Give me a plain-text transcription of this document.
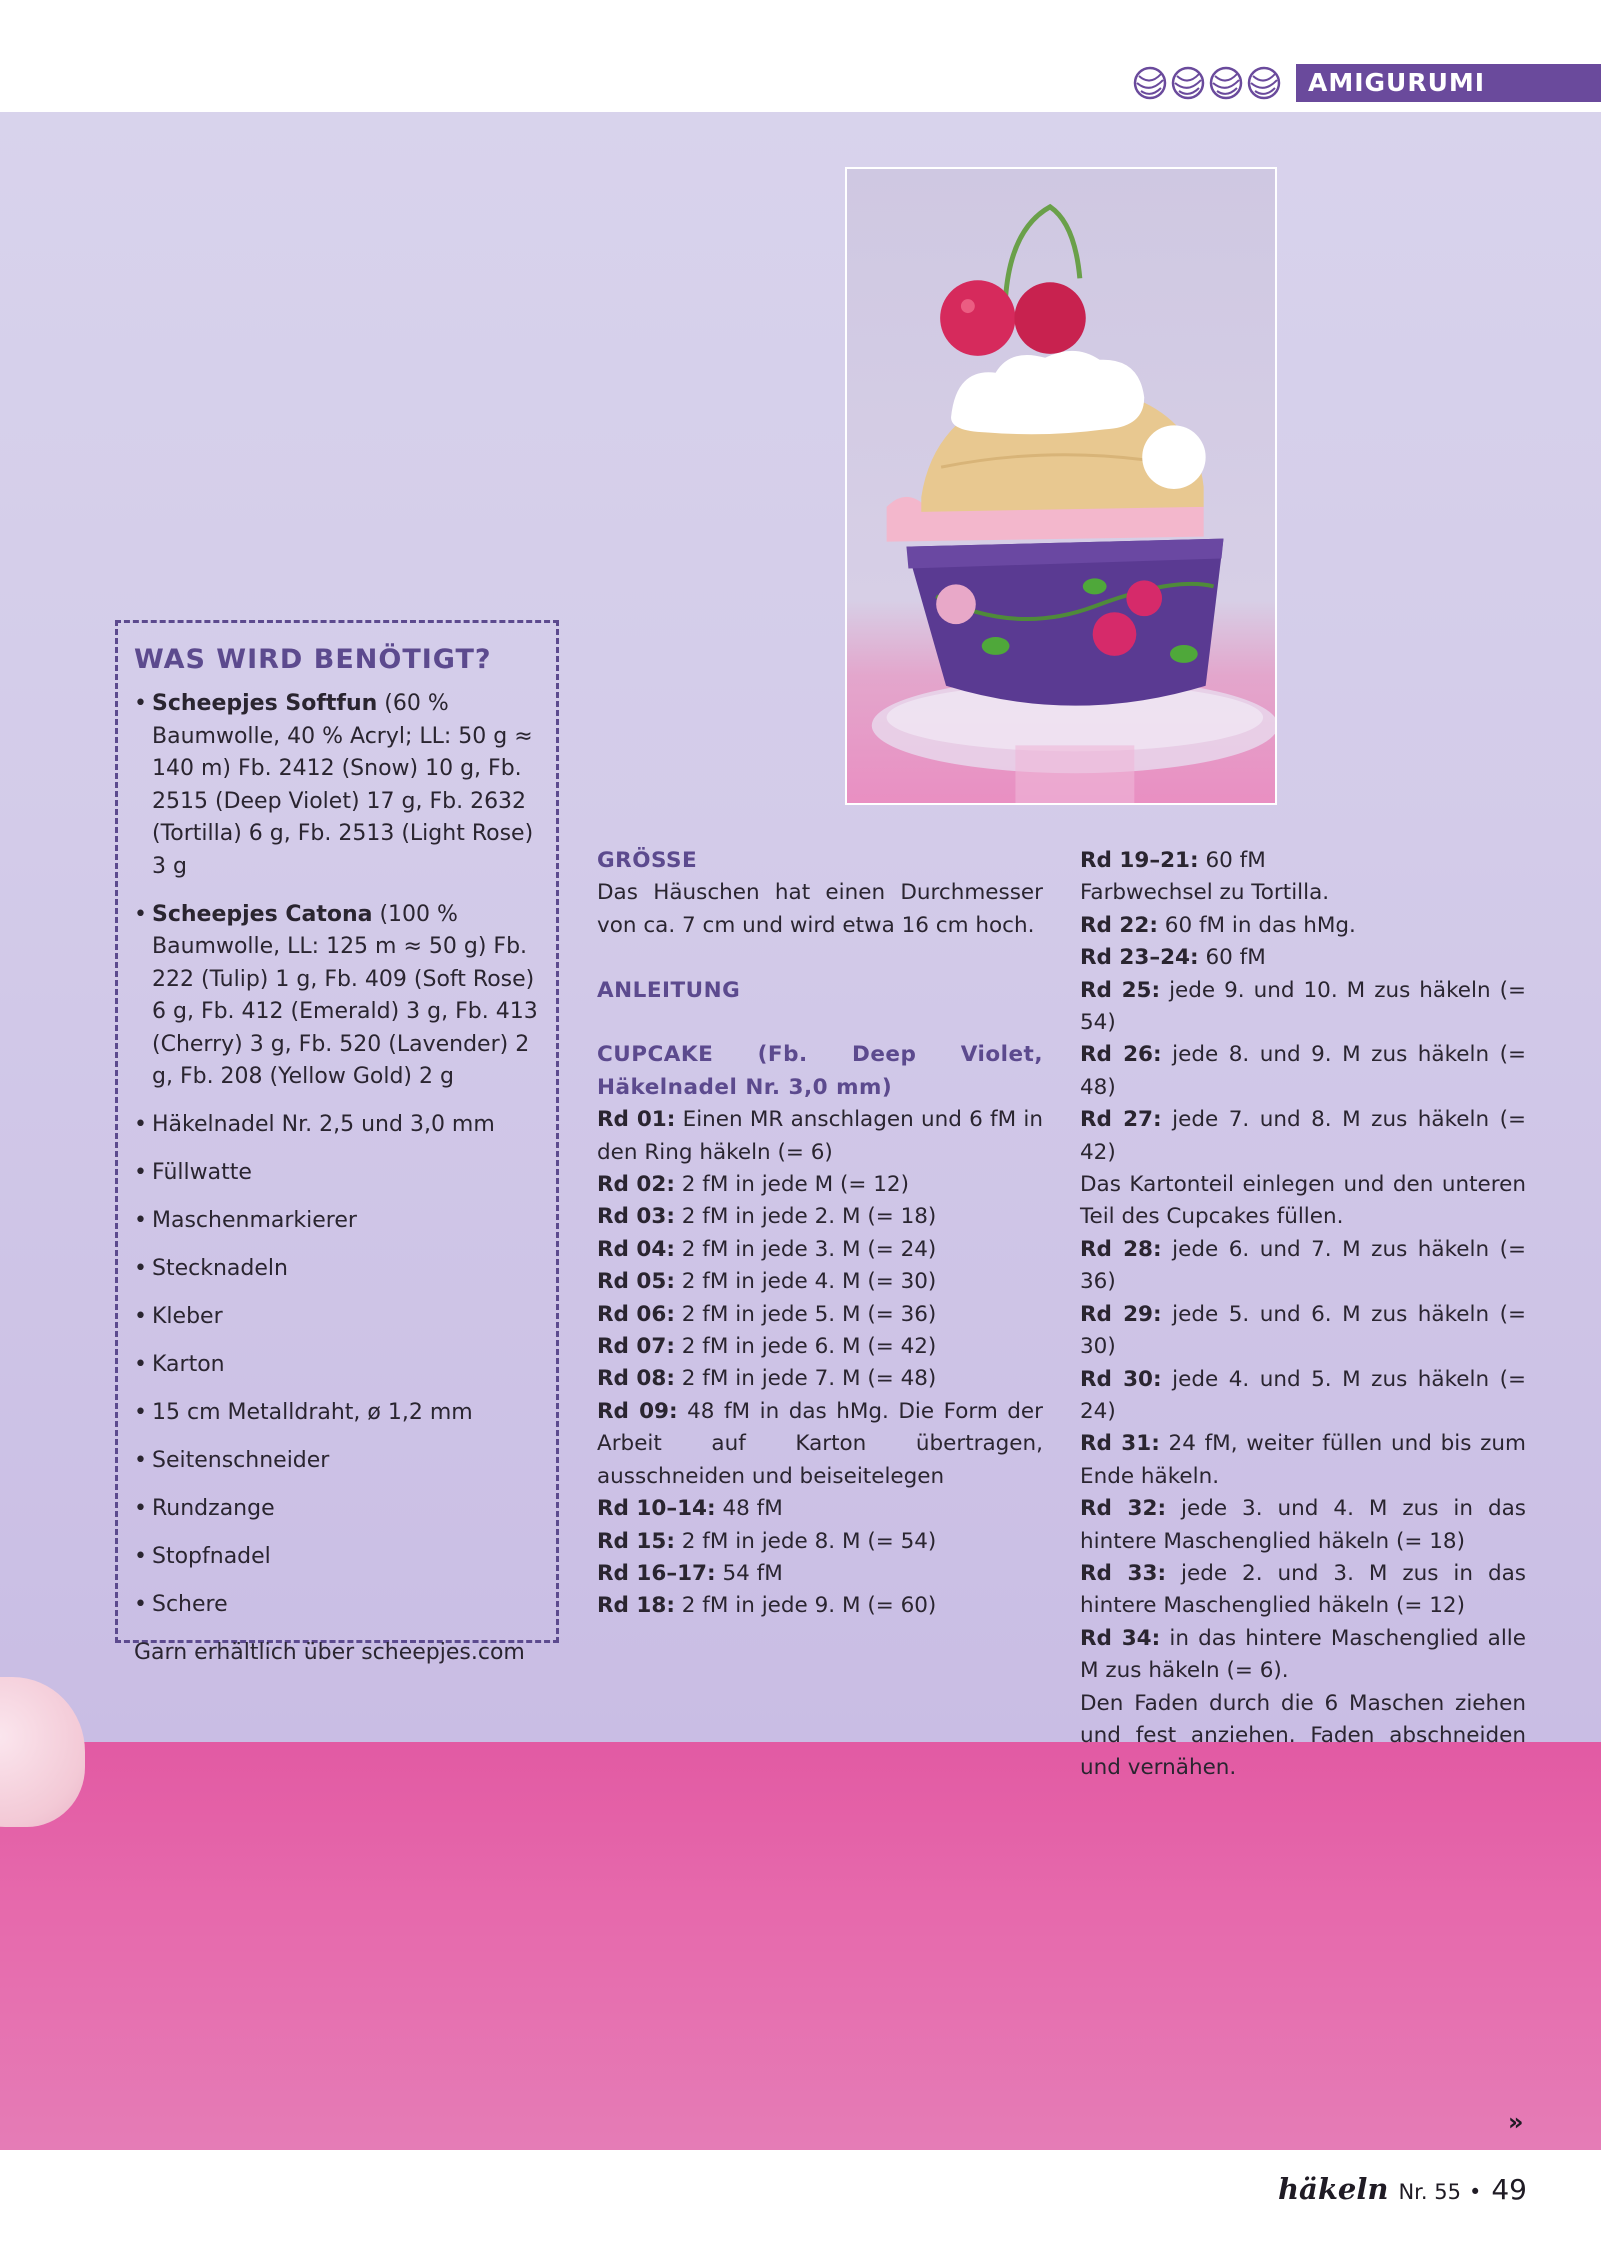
AMIGURUMI
WAS WIRD BENÖTIGT?
• Scheepjes Softfun (60 % Baumwolle, 40 % Acryl; LL: 50 g ≈ 140 m) Fb. 2412 (Snow) 10 g, Fb. 2515 (Deep Violet) 17 g, Fb. 2632 (Tortilla) 6 g, Fb. 2513 (Light Rose) 3 g
• Scheepjes Catona (100 % Baumwolle, LL: 125 m ≈ 50 g) Fb. 222 (Tulip) 1 g, Fb. 409 (Soft Rose) 6 g, Fb. 412 (Emerald) 3 g, Fb. 413 (Cherry) 3 g, Fb. 520 (Lavender) 2 g, Fb. 208 (Yellow Gold) 2 g
• Häkelnadel Nr. 2,5 und 3,0 mm
• Füllwatte
• Maschenmarkierer
• Stecknadeln
• Kleber
• Karton
• 15 cm Metalldraht, ø 1,2 mm
• Seitenschneider
• Rundzange
• Stopfnadel
• Schere
Garn erhältlich über scheepjes.com

GRÖSSE

Das Häuschen hat einen Durchmesser von ca. 7 cm und wird etwa 16 cm hoch.

ANLEITUNG

CUPCAKE (Fb. Deep Violet, Häkelnadel Nr. 3,0 mm)

Rd 01: Einen MR anschlagen und 6 fM in den Ring häkeln (= 6)

Rd 02: 2 fM in jede M (= 12)

Rd 03: 2 fM in jede 2. M (= 18)

Rd 04: 2 fM in jede 3. M (= 24)

Rd 05: 2 fM in jede 4. M (= 30)

Rd 06: 2 fM in jede 5. M (= 36)

Rd 07: 2 fM in jede 6. M (= 42)

Rd 08: 2 fM in jede 7. M (= 48)

Rd 09: 48 fM in das hMg. Die Form der Arbeit auf Karton übertragen, ausschneiden und beiseitelegen

Rd 10–14: 48 fM

Rd 15: 2 fM in jede 8. M (= 54)

Rd 16–17: 54 fM

Rd 18: 2 fM in jede 9. M (= 60)

Rd 19–21: 60 fM

Farbwechsel zu Tortilla.

Rd 22: 60 fM in das hMg.

Rd 23–24: 60 fM

Rd 25: jede 9. und 10. M zus häkeln (= 54)

Rd 26: jede 8. und 9. M zus häkeln (= 48)

Rd 27: jede 7. und 8. M zus häkeln (= 42)

Das Kartonteil einlegen und den unteren Teil des Cupcakes füllen.

Rd 28: jede 6. und 7. M zus häkeln (= 36)

Rd 29: jede 5. und 6. M zus häkeln (= 30)

Rd 30: jede 4. und 5. M zus häkeln (= 24)

Rd 31: 24 fM, weiter füllen und bis zum Ende häkeln.

Rd 32: jede 3. und 4. M zus in das hintere Maschenglied häkeln (= 18)

Rd 33: jede 2. und 3. M zus in das hintere Maschenglied häkeln (= 12)

Rd 34: in das hintere Maschenglied alle M zus häkeln (= 6).

Den Faden durch die 6 Maschen ziehen und fest anziehen. Faden abschneiden und vernähen.

»
häkeln Nr. 55 • 49
